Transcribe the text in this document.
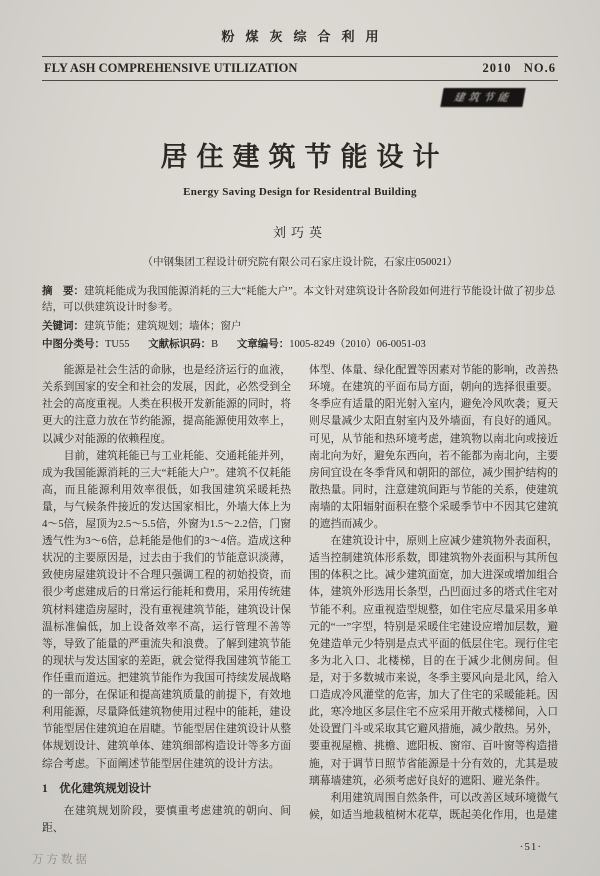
粉煤灰综合利用
FLY ASH COMPREHENSIVE UTILIZATION	2010   NO.6
建筑节能
居住建筑节能设计
Energy Saving Design for Residentral Building
刘巧英
（中钢集团工程设计研究院有限公司石家庄设计院，石家庄050021）

摘　要：建筑耗能成为我国能源消耗的三大“耗能大户”。本文针对建筑设计各阶段如何进行节能设计做了初步总结，可以供建筑设计时参考。

关键词：建筑节能；建筑规划；墙体；窗户

中图分类号：TU55 文献标识码：B 文章编号：1005-8249（2010）06-0051-03

能源是社会生活的命脉，也是经济运行的血液，关系到国家的安全和社会的发展，因此，必然受到全社会的高度重视。人类在积极开发新能源的同时，将更大的注意力放在节约能源，提高能源使用效率上，以减少对能源的依赖程度。

目前，建筑耗能已与工业耗能、交通耗能并列，成为我国能源消耗的三大“耗能大户”。建筑不仅耗能高，而且能源利用效率很低，如我国建筑采暖耗热量，与气候条件接近的发达国家相比，外墙大体上为4～5倍，屋顶为2.5～5.5倍，外窗为1.5～2.2倍，门窗透气性为3～6倍，总耗能是他们的3～4倍。造成这种状况的主要原因是，过去由于我们的节能意识淡薄，致使房屋建筑设计不合理只强调工程的初始投资，而很少考虑建成后的日常运行能耗和费用，采用传统建筑材料建造房屋时，没有重视建筑节能，建筑设计保温标准偏低，加上设备效率不高，运行管理不善等等，导致了能量的严重流失和浪费。了解到建筑节能的现状与发达国家的差距，就会觉得我国建筑节能工作任重而道远。把建筑节能作为我国可持续发展战略的一部分，在保证和提高建筑质量的前提下，有效地利用能源，尽量降低建筑物使用过程中的能耗，建设节能型居住建筑迫在眉睫。节能型居住建筑设计从整体规划设计、建筑单体、建筑细部构造设计等多方面综合考虑。下面阐述节能型居住建筑的设计方法。

1　优化建筑规划设计

在建筑规划阶段，要慎重考虑建筑的朝向、间距、

体型、体量、绿化配置等因素对节能的影响，改善热环境。在建筑的平面布局方面，朝向的选择很重要。冬季应有适量的阳光射入室内，避免冷风吹袭；夏天则尽量减少太阳直射室内及外墙面，有良好的通风。可见，从节能和热环境考虑，建筑物以南北向或接近南北向为好，避免东西向，若不能都为南北向，主要房间宜设在冬季背风和朝阳的部位，减少围护结构的散热量。同时，注意建筑间距与节能的关系，使建筑南墙的太阳辐射面积在整个采暖季节中不因其它建筑的遮挡而减少。

在建筑设计中，原则上应减少建筑物外表面积，适当控制建筑体形系数，即建筑物外表面积与其所包围的体积之比。减少建筑面宽，加大进深或增加组合体，建筑外形选用长条型，凸凹面过多的塔式住宅对节能不利。应重视造型规整，如住宅应尽量采用多单元的“一”字型，特别是采暖住宅建设应增加层数，避免建造单元少特别是点式平面的低层住宅。现行住宅多为北入口、北楼梯，目的在于减少北侧房间。但是，对于多数城市来说，冬季主要风向是北风，给入口造成冷风灌堂的危害，加大了住宅的采暖能耗。因此，寒冷地区多层住宅不应采用开敞式楼梯间，入口处设置门斗或采取其它避风措施，减少散热。另外，要重视屋檐、挑檐、遮阳板、窗帘、百叶窗等构造措施，对于调节日照节省能源是十分有效的，尤其是玻璃幕墙建筑，必须考虑好良好的遮阳、避光条件。

利用建筑周围自然条件，可以改善区域环境微气候，如适当地栽植树木花草，既起美化作用，也是建

·51·
万方数据
